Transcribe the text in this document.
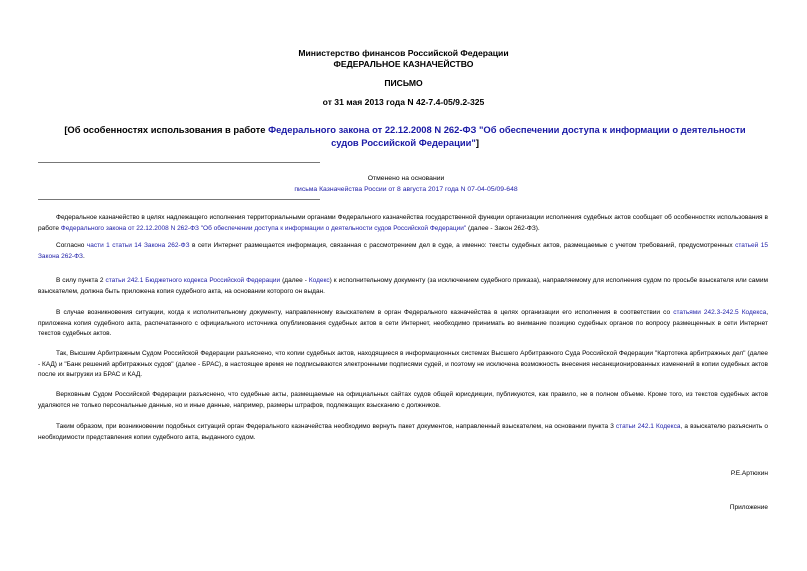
Министерство финансов Российской Федерации
ФЕДЕРАЛЬНОЕ КАЗНАЧЕЙСТВО
ПИСЬМО
от 31 мая 2013 года N 42-7.4-05/9.2-325
[Об особенностях использования в работе Федерального закона от 22.12.2008 N 262-ФЗ "Об обеспечении доступа к информации о деятельности судов Российской Федерации"]
Отменено на основании
письма Казначейства России от 8 августа 2017 года N 07-04-05/09-648

Федеральное казначейство в целях надлежащего исполнения территориальными органами Федерального казначейства государственной функции организации исполнения судебных актов сообщает об особенностях использования в работе Федерального закона от 22.12.2008 N 262-ФЗ "Об обеспечении доступа к информации о деятельности судов Российской Федерации" (далее - Закон 262-ФЗ).

Согласно части 1 статьи 14 Закона 262-ФЗ в сети Интернет размещается информация, связанная с рассмотрением дел в суде, а именно: тексты судебных актов, размещаемые с учетом требований, предусмотренных статьей 15 Закона 262-ФЗ.

В силу пункта 2 статьи 242.1 Бюджетного кодекса Российской Федерации (далее - Кодекс) к исполнительному документу (за исключением судебного приказа), направляемому для исполнения судом по просьбе взыскателя или самим взыскателем, должна быть приложена копия судебного акта, на основании которого он выдан.

В случае возникновения ситуации, когда к исполнительному документу, направленному взыскателем в орган Федерального казначейства в целях организации его исполнения в соответствии со статьями 242.3-242.5 Кодекса, приложена копия судебного акта, распечатанного с официального источника опубликования судебных актов в сети Интернет, необходимо принимать во внимание позицию судебных органов по вопросу размещенных в сети Интернет текстов судебных актов.

Так, Высшим Арбитражным Судом Российской Федерации разъяснено, что копии судебных актов, находящиеся в информационных системах Высшего Арбитражного Суда Российской Федерации "Картотека арбитражных дел" (далее - КАД) и "Банк решений арбитражных судов" (далее - БРАС), в настоящее время не подписываются электронными подписями судей, и поэтому не исключена возможность внесения несанкционированных изменений в копии судебных актов после их выгрузки из БРАС и КАД.

Верховным Судом Российской Федерации разъяснено, что судебные акты, размещаемые на официальных сайтах судов общей юрисдикции, публикуются, как правило, не в полном объеме. Кроме того, из текстов судебных актов удаляются не только персональные данные, но и иные данные, например, размеры штрафов, подлежащих взысканию с должников.

Таким образом, при возникновении подобных ситуаций орган Федерального казначейства необходимо вернуть пакет документов, направленный взыскателем, на основании пункта 3 статьи 242.1 Кодекса, а взыскателю разъяснить о необходимости представления копии судебного акта, выданного судом.

Р.Е.Артюхин
Приложение
